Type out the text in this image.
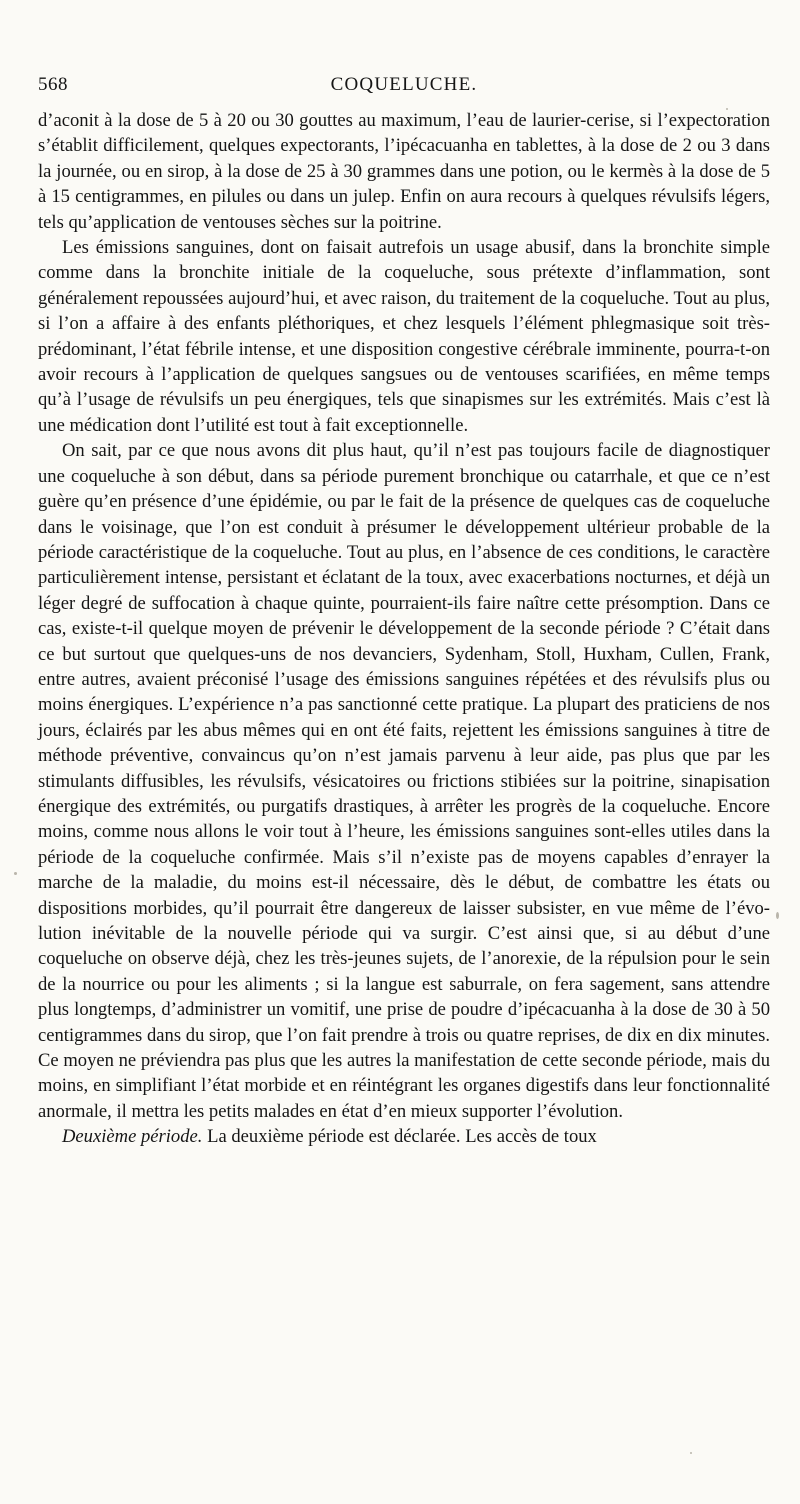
568	COQUELUCHE.

d’aconit à la dose de 5 à 20 ou 30 gouttes au maximum, l’eau de laurier-cerise, si l’expectoration s’établit difficilement, quelques expectorants, l’ipécacuanha en tablettes, à la dose de 2 ou 3 dans la journée, ou en sirop, à la dose de 25 à 30 grammes dans une potion, ou le kermès à la dose de 5 à 15 centigrammes, en pilules ou dans un julep. Enfin on aura recours à quelques révulsifs légers, tels qu’application de ventouses sèches sur la poitrine.

Les émissions sanguines, dont on faisait autrefois un usage abusif, dans la bronchite simple comme dans la bronchite initiale de la coqueluche, sous prétexte d’inflammation, sont généralement repoussées aujourd’hui, et avec raison, du traitement de la coqueluche. Tout au plus, si l’on a affaire à des enfants pléthoriques, et chez lesquels l’élément phlegmasique soit très-prédominant, l’état fébrile intense, et une disposition congestive cérébrale imminente, pourra-t-on avoir recours à l’application de quelques sangsues ou de ventouses scarifiées, en même temps qu’à l’usage de révulsifs un peu énergiques, tels que sinapismes sur les extrémités. Mais c’est là une médication dont l’utilité est tout à fait exceptionnelle.

On sait, par ce que nous avons dit plus haut, qu’il n’est pas toujours facile de diagnostiquer une coqueluche à son début, dans sa période purement bronchique ou catarrhale, et que ce n’est guère qu’en présence d’une épidémie, ou par le fait de la présence de quelques cas de coqueluche dans le voisinage, que l’on est conduit à présumer le développement ultérieur probable de la période caractéristique de la coqueluche. Tout au plus, en l’absence de ces conditions, le caractère particulièrement intense, persistant et éclatant de la toux, avec exacerbations nocturnes, et déjà un léger degré de suffocation à chaque quinte, pourraient-ils faire naître cette présomption. Dans ce cas, existe-t-il quelque moyen de prévenir le développement de la seconde période ? C’était dans ce but surtout que quelques-uns de nos devanciers, Sydenham, Stoll, Huxham, Cullen, Frank, entre autres, avaient préconisé l’usage des émissions sanguines répétées et des révulsifs plus ou moins énergiques. L’expérience n’a pas sanctionné cette pratique. La plupart des praticiens de nos jours, éclairés par les abus mêmes qui en ont été faits, rejettent les émissions sanguines à titre de méthode préventive, convaincus qu’on n’est jamais parvenu à leur aide, pas plus que par les stimulants diffusibles, les révulsifs, vésicatoires ou frictions stibiées sur la poitrine, sinapisation énergique des extrémités, ou purgatifs drastiques, à arrêter les progrès de la coqueluche. Encore moins, comme nous allons le voir tout à l’heure, les émissions sanguines sont-elles utiles dans la période de la coqueluche confirmée. Mais s’il n’existe pas de moyens capables d’enrayer la marche de la maladie, du moins est-il nécessaire, dès le début, de combattre les états ou dispositions morbides, qu’il pourrait être dangereux de laisser subsister, en vue même de l’évolution inévitable de la nouvelle période qui va surgir. C’est ainsi que, si au début d’une coqueluche on observe déjà, chez les très-jeunes sujets, de l’anorexie, de la répulsion pour le sein de la nourrice ou pour les aliments ; si la langue est saburrale, on fera sagement, sans attendre plus longtemps, d’administrer un vomitif, une prise de poudre d’ipécacuanha à la dose de 30 à 50 centigrammes dans du sirop, que l’on fait prendre à trois ou quatre reprises, de dix en dix minutes. Ce moyen ne préviendra pas plus que les autres la manifestation de cette seconde période, mais du moins, en simplifiant l’état morbide et en réintégrant les organes digestifs dans leur fonctionnalité anormale, il mettra les petits malades en état d’en mieux supporter l’évolution.

Deuxième période. La deuxième période est déclarée. Les accès de toux
